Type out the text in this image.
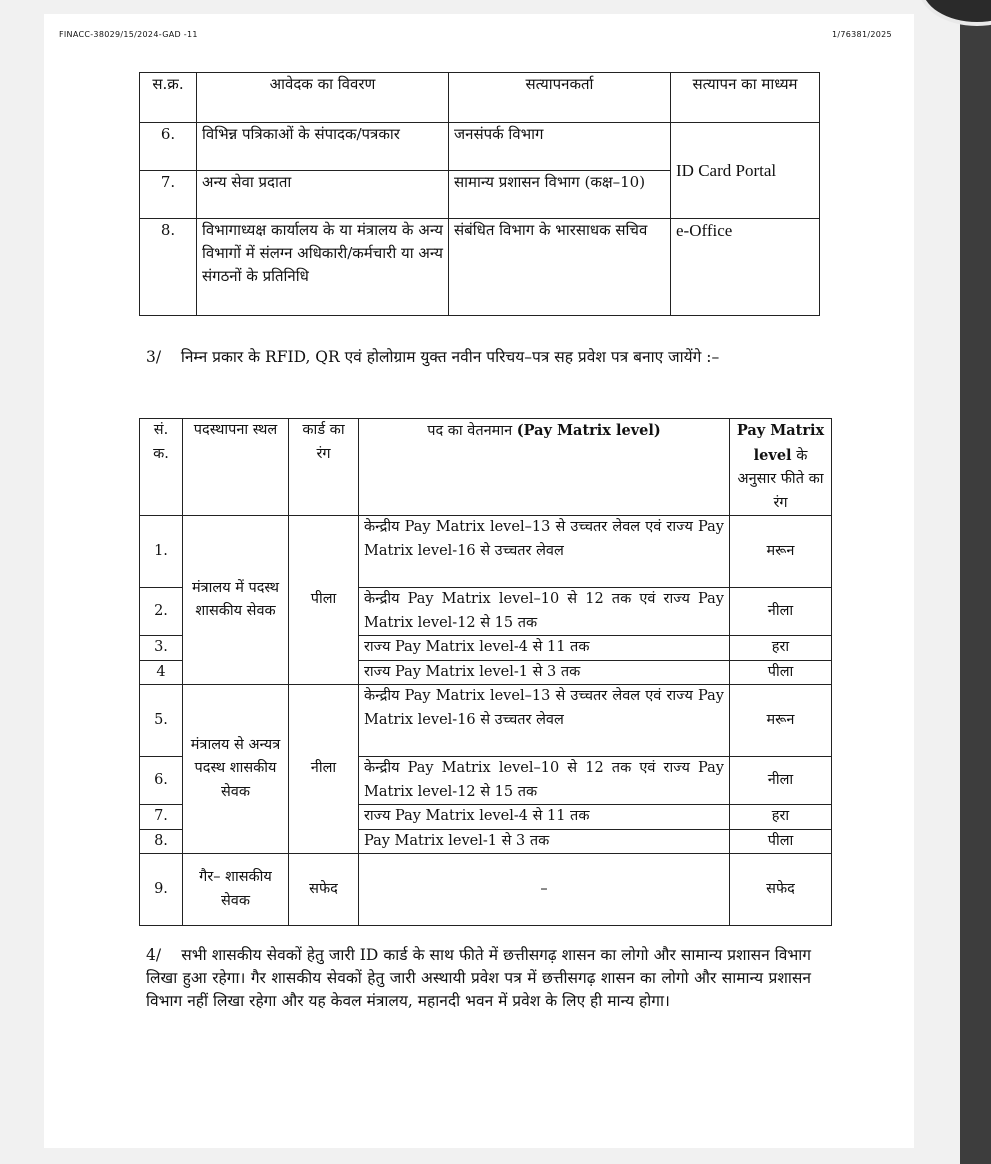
FINACC-38029/15/2024-GAD -11	1/76381/2025
स.क्र.	आवेदक का विवरण	सत्यापनकर्ता	सत्यापन का माध्यम
6.	विभिन्न पत्रिकाओं के संपादक/पत्रकार	जनसंपर्क विभाग	ID Card Portal
7.	अन्य सेवा प्रदाता	सामान्य प्रशासन विभाग (कक्ष–10)	
8.	विभागाध्यक्ष कार्यालय के या मंत्रालय के अन्य विभागों में संलग्न अधिकारी/कर्मचारी या अन्य संगठनों के प्रतिनिधि	संबंधित विभाग के भारसाधक सचिव	e-Office
3/ निम्न प्रकार के RFID, QR एवं होलोग्राम युक्त नवीन परिचय–पत्र सह प्रवेश पत्र बनाए जायेंगे :–
सं. क.	पदस्थापना स्थल	कार्ड का रंग	पद का वेतनमान (Pay Matrix level)	Pay Matrix level के अनुसार फीते का रंग
1.	मंत्रालय में पदस्थ शासकीय सेवक	पीला	केन्द्रीय Pay Matrix level–13 से उच्चतर लेवल एवं राज्य Pay Matrix level-16 से उच्चतर लेवल	मरून
2.			केन्द्रीय Pay Matrix level–10 से 12 तक एवं राज्य Pay Matrix level-12 से 15 तक	नीला
3.			राज्य Pay Matrix level-4 से 11 तक	हरा
4			राज्य Pay Matrix level-1 से 3 तक	पीला
5.	मंत्रालय से अन्यत्र पदस्थ शासकीय सेवक	नीला	केन्द्रीय Pay Matrix level–13 से उच्चतर लेवल एवं राज्य Pay Matrix level-16 से उच्चतर लेवल	मरून
6.			केन्द्रीय Pay Matrix level–10 से 12 तक एवं राज्य Pay Matrix level-12 से 15 तक	नीला
7.			राज्य Pay Matrix level-4 से 11 तक	हरा
8.			Pay Matrix level-1 से 3 तक	पीला
9.	गैर– शासकीय सेवक	सफेद	–	सफेद
4/ सभी शासकीय सेवकों हेतु जारी ID कार्ड के साथ फीते में छत्तीसगढ़ शासन का लोगो और सामान्य प्रशासन विभाग लिखा हुआ रहेगा। गैर शासकीय सेवकों हेतु जारी अस्थायी प्रवेश पत्र में छत्तीसगढ़ शासन का लोगो और सामान्य प्रशासन विभाग नहीं लिखा रहेगा और यह केवल मंत्रालय, महानदी भवन में प्रवेश के लिए ही मान्य होगा।
